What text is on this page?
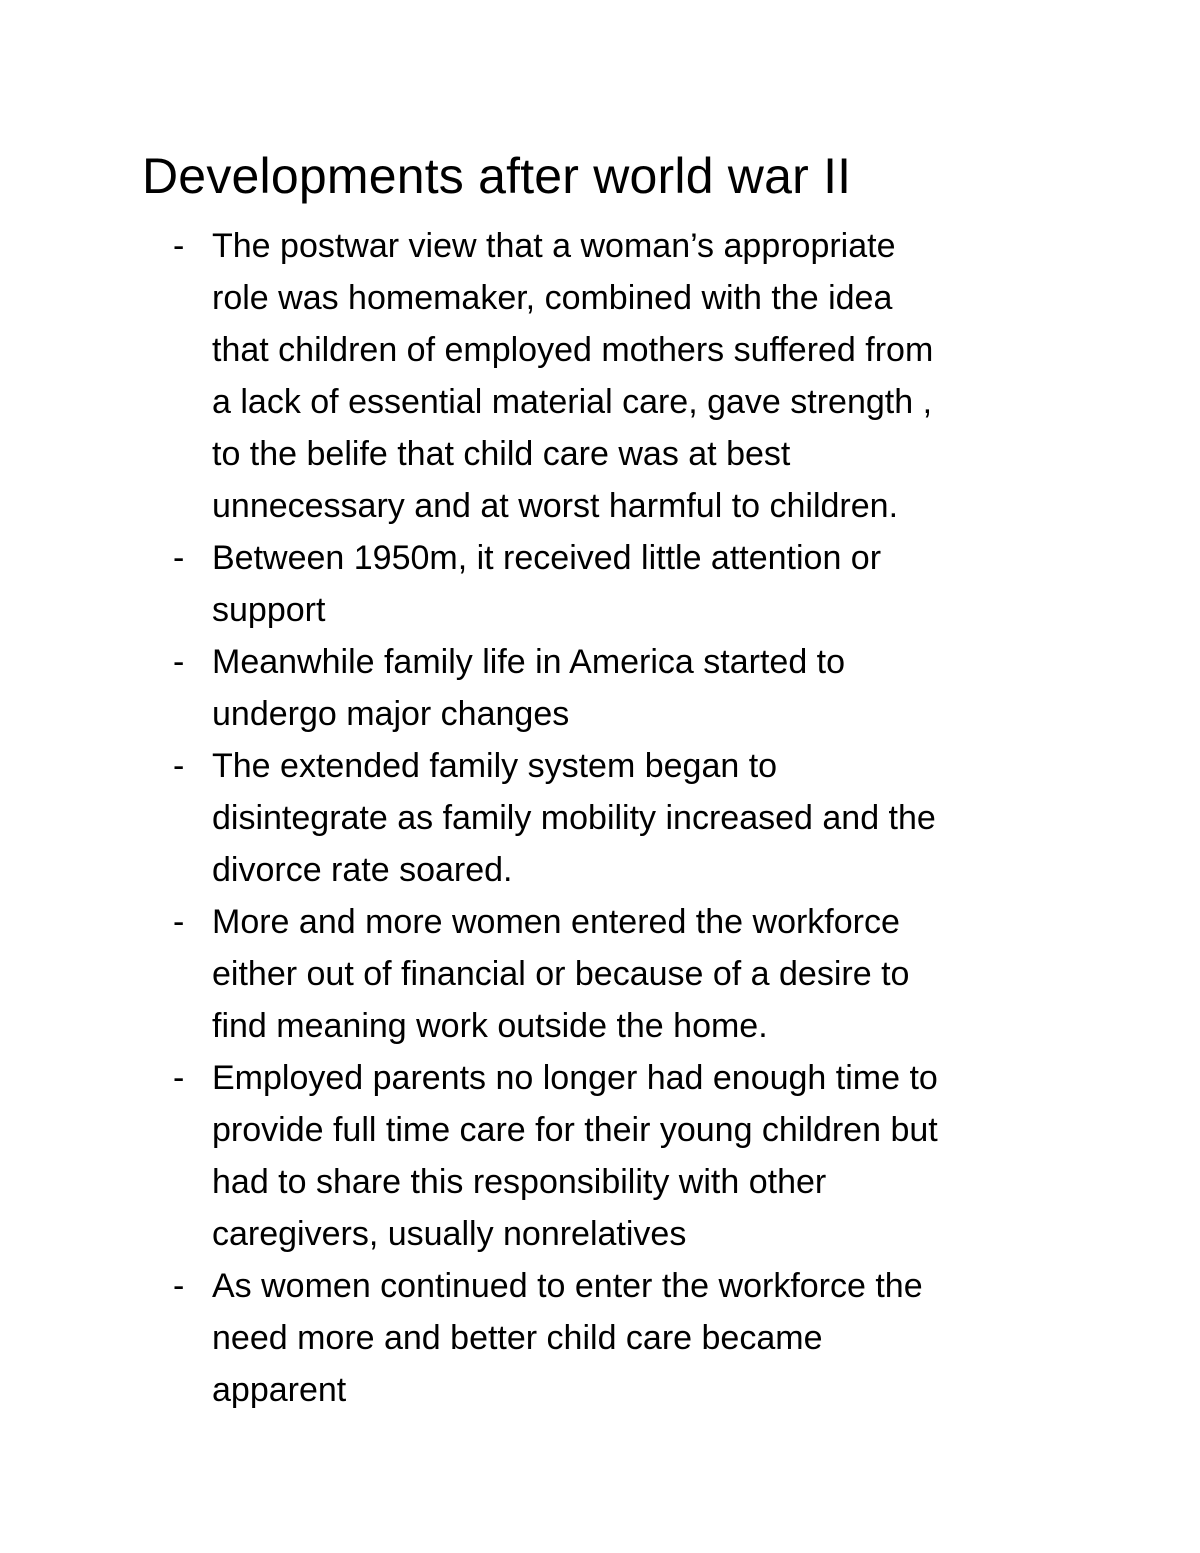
Developments after world war II
- The postwar view that a woman’s appropriate
role was homemaker, combined with the idea
that children of employed mothers suffered from
a lack of essential material care, gave strength ,
to the belife that child care was at best
unnecessary and at worst harmful to children.
- Between 1950m, it received little attention or
support
- Meanwhile family life in America started to
undergo major changes
- The extended family system began to
disintegrate as family mobility increased and the
divorce rate soared.
- More and more women entered the workforce
either out of financial or because of a desire to
find meaning work outside the home.
- Employed parents no longer had enough time to
provide full time care for their young children but
had to share this responsibility with other
caregivers, usually nonrelatives
- As women continued to enter the workforce the
need more and better child care became
apparent
